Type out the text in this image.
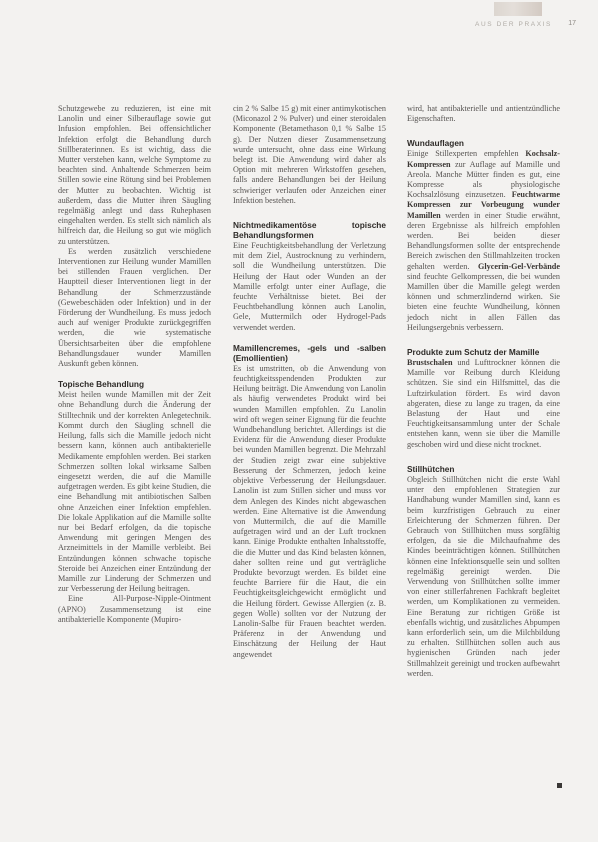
AUS DER PRAXIS 17

Schutzgewebe zu reduzieren, ist eine mit Lanolin und einer Silberauflage sowie gut Infusion empfohlen. Bei offensichtlicher Infektion erfolgt die Behandlung durch Stillberaterinnen. Es ist wichtig, dass die Mutter verstehen kann, welche Symptome zu beachten sind. Anhaltende Schmerzen beim Stillen sowie eine Rötung sind bei Problemen der Mutter zu beobachten. Wichtig ist außerdem, dass die Mutter ihren Säugling regelmäßig anlegt und dass Ruhephasen eingehalten werden. Es stellt sich nämlich als hilfreich dar, die Heilung so gut wie möglich zu unterstützen.

Es werden zusätzlich verschiedene Interventionen zur Heilung wunder Mamillen bei stillenden Frauen verglichen. Der Hauptteil dieser Interventionen liegt in der Behandlung der Schmerzzustände (Gewebeschäden oder Infektion) und in der Förderung der Wundheilung. Es muss jedoch auch auf weniger Produkte zurückgegriffen werden, die wie systematische Übersichtsarbeiten über die empfohlene Behandlungsdauer wunder Mamillen Auskunft geben können.

Topische Behandlung

Meist heilen wunde Mamillen mit der Zeit ohne Behandlung durch die Änderung der Stilltechnik und der korrekten Anlegetechnik. Kommt durch den Säugling schnell die Heilung, falls sich die Mamille jedoch nicht bessern kann, können auch antibakterielle Medikamente empfohlen werden. Bei starken Schmerzen sollten lokal wirksame Salben eingesetzt werden, die auf die Mamille aufgetragen werden. Es gibt keine Studien, die eine Behandlung mit antibiotischen Salben ohne Anzeichen einer Infektion empfehlen. Die lokale Applikation auf die Mamille sollte nur bei Bedarf erfolgen, da die topische Anwendung mit geringen Mengen des Arzneimittels in der Mamille verbleibt. Bei Entzündungen können schwache topische Steroide bei Anzeichen einer Entzündung der Mamille zur Linderung der Schmerzen und zur Verbesserung der Heilung beitragen.

Eine All-Purpose-Nipple-Ointment (APNO) Zusammensetzung ist eine antibakterielle Komponente (Mupiro-

cin 2 % Salbe 15 g) mit einer antimykotischen (Miconazol 2 % Pulver) und einer steroidalen Komponente (Betamethason 0,1 % Salbe 15 g). Der Nutzen dieser Zusammensetzung wurde untersucht, ohne dass eine Wirkung belegt ist. Die Anwendung wird daher als Option mit mehreren Wirkstoffen gesehen, falls andere Behandlungen bei der Heilung schwieriger verlaufen oder Anzeichen einer Infektion bestehen.

Nichtmedikamentöse topische Behandlungsformen

Eine Feuchtigkeitsbehandlung der Verletzung mit dem Ziel, Austrocknung zu verhindern, soll die Wundheilung unterstützen. Die Heilung der Haut oder Wunden an der Mamille erfolgt unter einer Auflage, die feuchte Verhältnisse bietet. Bei der Feuchtbehandlung können auch Lanolin, Gele, Muttermilch oder Hydrogel-Pads verwendet werden.

Mamillencremes, -gels und -salben (Emollientien)

Es ist umstritten, ob die Anwendung von feuchtigkeitsspendenden Produkten zur Heilung beiträgt. Die Anwendung von Lanolin als häufig verwendetes Produkt wird bei wunden Mamillen empfohlen. Zu Lanolin wird oft wegen seiner Eignung für die feuchte Wundbehandlung berichtet. Allerdings ist die Evidenz für die Anwendung dieser Produkte bei wunden Mamillen begrenzt. Die Mehrzahl der Studien zeigt zwar eine subjektive Besserung der Schmerzen, jedoch keine objektive Verbesserung der Heilungsdauer. Lanolin ist zum Stillen sicher und muss vor dem Anlegen des Kindes nicht abgewaschen werden. Eine Alternative ist die Anwendung von Muttermilch, die auf die Mamille aufgetragen wird und an der Luft trocknen kann. Einige Produkte enthalten Inhaltsstoffe, die die Mutter und das Kind belasten können, daher sollten reine und gut verträgliche Produkte bevorzugt werden. Es bildet eine feuchte Barriere für die Haut, die ein Feuchtigkeitsgleichgewicht ermöglicht und die Heilung fördert. Gewisse Allergien (z. B. gegen Wolle) sollten vor der Nutzung der Lanolin-Salbe für Frauen beachtet werden. Präferenz in der Anwendung und Einschätzung der Heilung der Haut angewendet

wird, hat antibakterielle und antientzündliche Eigenschaften.

Wundauflagen

Einige Stillexperten empfehlen Kochsalz-Kompressen zur Auflage auf Mamille und Areola. Manche Mütter finden es gut, eine Kompresse als physiologische Kochsalzlösung einzusetzen. Feuchtwarme Kompressen zur Vorbeugung wunder Mamillen werden in einer Studie erwähnt, deren Ergebnisse als hilfreich empfohlen werden. Bei beiden dieser Behandlungsformen sollte der entsprechende Bereich zwischen den Stillmahlzeiten trocken gehalten werden. Glycerin-Gel-Verbände sind feuchte Gelkompressen, die bei wunden Mamillen über die Mamille gelegt werden können und schmerzlindernd wirken. Sie bieten eine feuchte Wundheilung, können jedoch nicht in allen Fällen das Heilungsergebnis verbessern.

Produkte zum Schutz der Mamille

Brustschalen und Lufttrockner können die Mamille vor Reibung durch Kleidung schützen. Sie sind ein Hilfsmittel, das die Luftzirkulation fördert. Es wird davon abgeraten, diese zu lange zu tragen, da eine Belastung der Haut und eine Feuchtigkeitsansammlung unter der Schale entstehen kann, wenn sie über die Mamille geschoben wird und diese nicht trocknet.

Stillhütchen

Obgleich Stillhütchen nicht die erste Wahl unter den empfohlenen Strategien zur Handhabung wunder Mamillen sind, kann es beim kurzfristigen Gebrauch zu einer Erleichterung der Schmerzen führen. Der Gebrauch von Stillhütchen muss sorgfältig erfolgen, da sie die Milchaufnahme des Kindes beeinträchtigen können. Stillhütchen können eine Infektionsquelle sein und sollten regelmäßig gereinigt werden. Die Verwendung von Stillhütchen sollte immer von einer stillerfahrenen Fachkraft begleitet werden, um Komplikationen zu vermeiden. Eine Beratung zur richtigen Größe ist ebenfalls wichtig, und zusätzliches Abpumpen kann erforderlich sein, um die Milchbildung zu erhalten. Stillhütchen sollen auch aus hygienischen Gründen nach jeder Stillmahlzeit gereinigt und trocken aufbewahrt werden.
